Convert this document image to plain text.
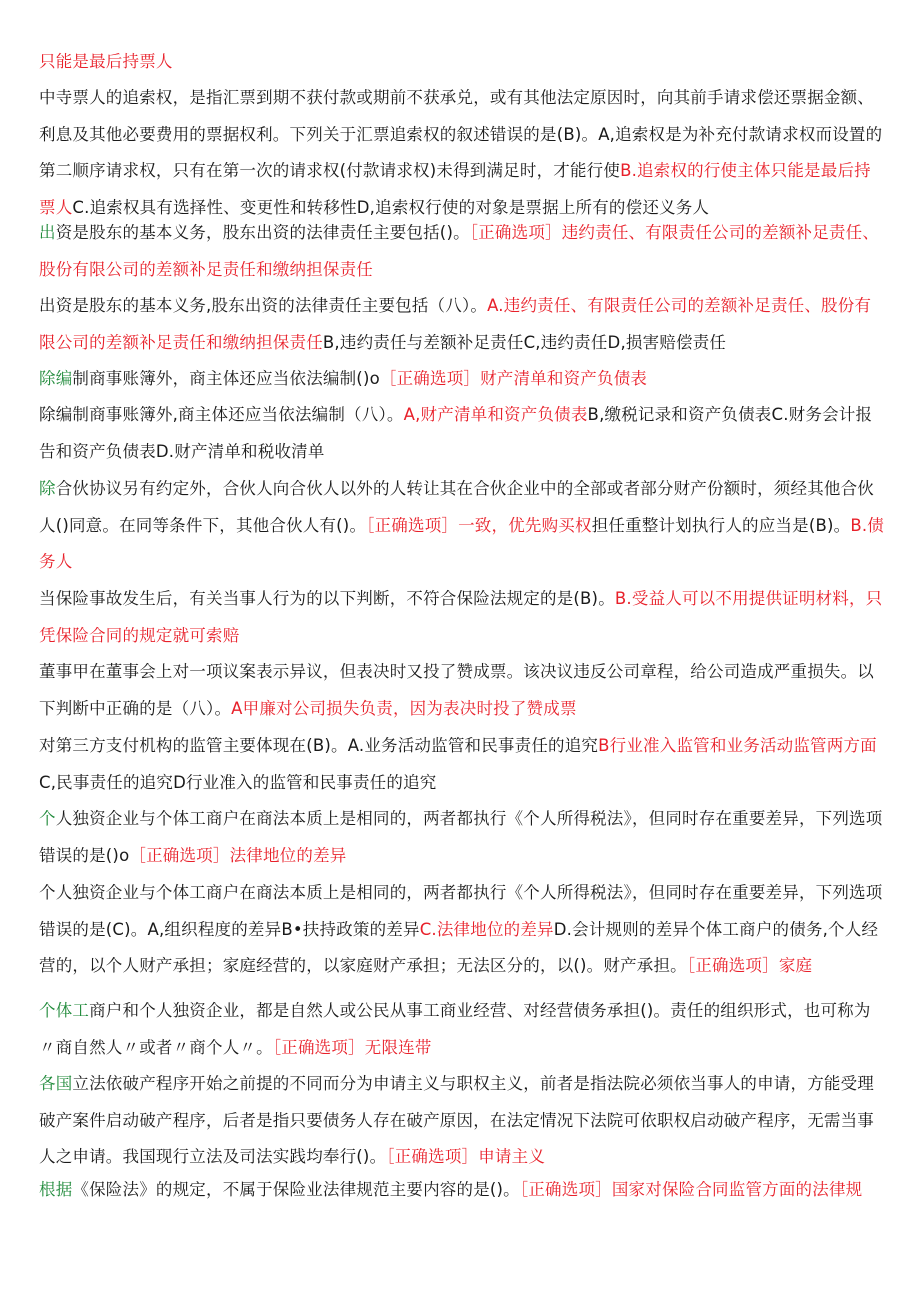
只能是最后持票人

中寺票人的追索权，是指汇票到期不获付款或期前不获承兑，或有其他法定原因时，向其前手请求偿还票据金额、利息及其他必要费用的票据权利。下列关于汇票追索权的叙述错误的是(B)。A,追索权是为补充付款请求权而设置的第二顺序请求权，只有在第一次的请求权(付款请求权)未得到满足时，才能行使B.追索权的行使主体只能是最后持票人C.追索权具有选择性、变更性和转移性D,追索权行使的对象是票据上所有的偿还义务人

出资是股东的基本义务，股东出资的法律责任主要包括()。［正确选项］违约责任、有限责任公司的差额补足责任、股份有限公司的差额补足责任和缴纳担保责任

出资是股东的基本义务,股东出资的法律责任主要包括（八）。A.违约责任、有限责任公司的差额补足责任、股份有限公司的差额补足责任和缴纳担保责任B,违约责任与差额补足责任C,违约责任D,损害赔偿责任

除编制商事账簿外，商主体还应当依法编制()o［正确选项］财产清单和资产负债表

除编制商事账簿外,商主体还应当依法编制（八）。A,财产清单和资产负债表B,缴税记录和资产负债表C.财务会计报告和资产负债表D.财产清单和税收清单

除合伙协议另有约定外，合伙人向合伙人以外的人转让其在合伙企业中的全部或者部分财产份额时，须经其他合伙人()同意。在同等条件下，其他合伙人有()。［正确选项］一致，优先购买权担任重整计划执行人的应当是(B)。B.债务人

当保险事故发生后，有关当事人行为的以下判断，不符合保险法规定的是(B)。B.受益人可以不用提供证明材料，只凭保险合同的规定就可索赔

董事甲在董事会上对一项议案表示异议，但表决时又投了赞成票。该决议违反公司章程，给公司造成严重损失。以下判断中正确的是（八）。A甲廉对公司损失负责，因为表决时投了赞成票

对第三方支付机构的监管主要体现在(B)。A.业务活动监管和民事责任的追究B行业准入监管和业务活动监管两方面C,民事责任的追究D行业准入的监管和民事责任的追究

个人独资企业与个体工商户在商法本质上是相同的，两者都执行《个人所得税法》，但同时存在重要差异，下列选项错误的是()o［正确选项］法律地位的差异

个人独资企业与个体工商户在商法本质上是相同的，两者都执行《个人所得税法》，但同时存在重要差异，下列选项错误的是(C)。A,组织程度的差异B•扶持政策的差异C.法律地位的差异D.会计规则的差异个体工商户的债务,个人经营的，以个人财产承担；家庭经营的，以家庭财产承担；无法区分的，以()。财产承担。［正确选项］家庭

个体工商户和个人独资企业，都是自然人或公民从事工商业经营、对经营债务承担()。责任的组织形式，也可称为〃商自然人〃或者〃商个人〃。［正确选项］无限连带

各国立法依破产程序开始之前提的不同而分为申请主义与职权主义，前者是指法院必须依当事人的申请，方能受理破产案件启动破产程序，后者是指只要债务人存在破产原因，在法定情况下法院可依职权启动破产程序，无需当事人之申请。我国现行立法及司法实践均奉行()。［正确选项］申请主义

根据《保险法》的规定，不属于保险业法律规范主要内容的是()。［正确选项］国家对保险合同监管方面的法律规
